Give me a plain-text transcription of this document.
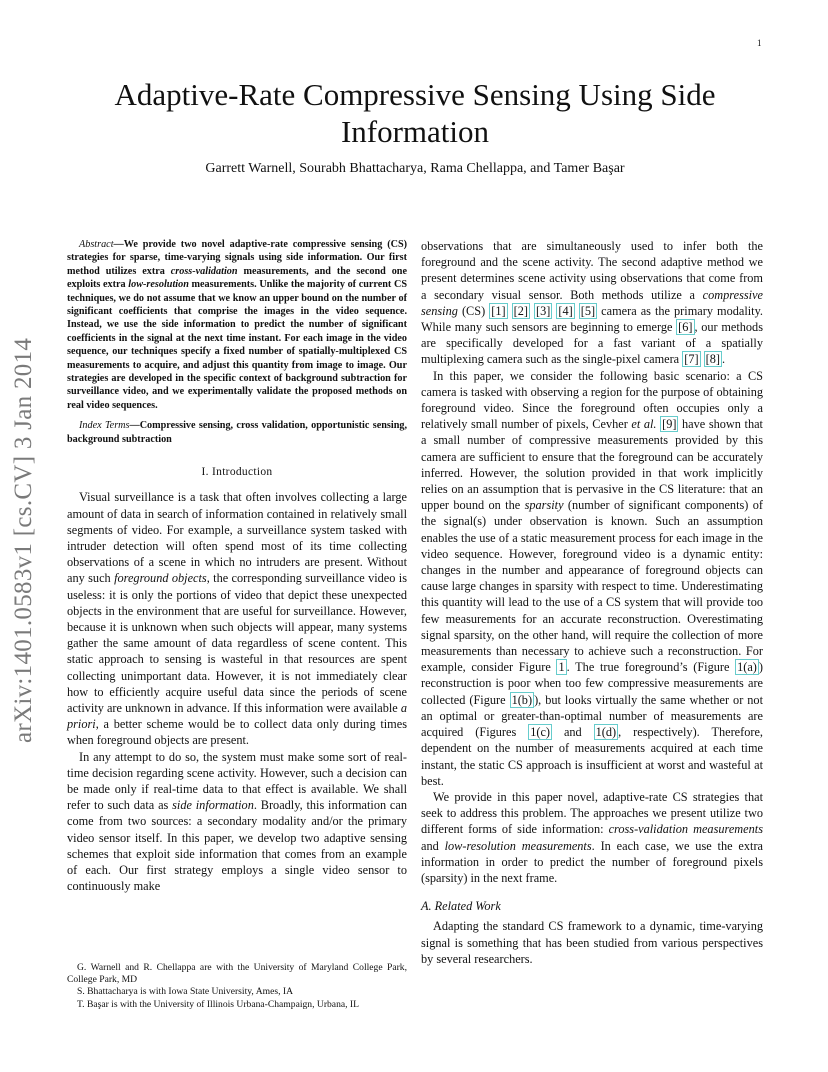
1
arXiv:1401.0583v1 [cs.CV] 3 Jan 2014
Adaptive-Rate Compressive Sensing Using Side Information

Garrett Warnell, Sourabh Bhattacharya, Rama Chellappa, and Tamer Başar

Abstract—We provide two novel adaptive-rate compressive sensing (CS) strategies for sparse, time-varying signals using side information. Our first method utilizes extra cross-validation measurements, and the second one exploits extra low-resolution measurements. Unlike the majority of current CS techniques, we do not assume that we know an upper bound on the number of significant coefficients that comprise the images in the video sequence. Instead, we use the side information to predict the number of significant coefficients in the signal at the next time instant. For each image in the video sequence, our techniques specify a fixed number of spatially-multiplexed CS measurements to acquire, and adjust this quantity from image to image. Our strategies are developed in the specific context of background subtraction for surveillance video, and we experimentally validate the proposed methods on real video sequences.

Index Terms—Compressive sensing, cross validation, opportunistic sensing, background subtraction

I. Introduction

Visual surveillance is a task that often involves collecting a large amount of data in search of information contained in relatively small segments of video. For example, a surveillance system tasked with intruder detection will often spend most of its time collecting observations of a scene in which no intruders are present. Without any such foreground objects, the corresponding surveillance video is useless: it is only the portions of video that depict these unexpected objects in the environment that are useful for surveillance. However, because it is unknown when such objects will appear, many systems gather the same amount of data regardless of scene content. This static approach to sensing is wasteful in that resources are spent collecting unimportant data. However, it is not immediately clear how to efficiently acquire useful data since the periods of scene activity are unknown in advance. If this information were available a priori, a better scheme would be to collect data only during times when foreground objects are present.

In any attempt to do so, the system must make some sort of real-time decision regarding scene activity. However, such a decision can be made only if real-time data to that effect is available. We shall refer to such data as side information. Broadly, this information can come from two sources: a secondary modality and/or the primary video sensor itself. In this paper, we develop two adaptive sensing schemes that exploit side information that comes from an example of each. Our first strategy employs a single video sensor to continuously make

G. Warnell and R. Chellappa are with the University of Maryland College Park, College Park, MD

S. Bhattacharya is with Iowa State University, Ames, IA

T. Başar is with the University of Illinois Urbana-Champaign, Urbana, IL

observations that are simultaneously used to infer both the foreground and the scene activity. The second adaptive method we present determines scene activity using observations that come from a secondary visual sensor. Both methods utilize a compressive sensing (CS) [1] [2] [3] [4] [5] camera as the primary modality. While many such sensors are beginning to emerge [6] , our methods are specifically developed for a fast variant of a spatially multiplexing camera such as the single-pixel camera [7] [8] .

In this paper, we consider the following basic scenario: a CS camera is tasked with observing a region for the purpose of obtaining foreground video. Since the foreground often occupies only a relatively small number of pixels, Cevher et al. [9] have shown that a small number of compressive measurements provided by this camera are sufficient to ensure that the foreground can be accurately inferred. However, the solution provided in that work implicitly relies on an assumption that is pervasive in the CS literature: that an upper bound on the sparsity (number of significant components) of the signal(s) under observation is known. Such an assumption enables the use of a static measurement process for each image in the video sequence. However, foreground video is a dynamic entity: changes in the number and appearance of foreground objects can cause large changes in sparsity with respect to time. Underestimating this quantity will lead to the use of a CS system that will provide too few measurements for an accurate reconstruction. Overestimating signal sparsity, on the other hand, will require the collection of more measurements than necessary to achieve such a reconstruction. For example, consider Figure 1 . The true foreground’s (Figure 1(a) ) reconstruction is poor when too few compressive measurements are collected (Figure 1(b) ), but looks virtually the same whether or not an optimal or greater-than-optimal number of measurements are acquired (Figures 1(c) and 1(d) , respectively). Therefore, dependent on the number of measurements acquired at each time instant, the static CS approach is insufficient at worst and wasteful at best.

We provide in this paper novel, adaptive-rate CS strategies that seek to address this problem. The approaches we present utilize two different forms of side information: cross-validation measurements and low-resolution measurements. In each case, we use the extra information in order to predict the number of foreground pixels (sparsity) in the next frame.

A. Related Work

Adapting the standard CS framework to a dynamic, time-varying signal is something that has been studied from various perspectives by several researchers.
